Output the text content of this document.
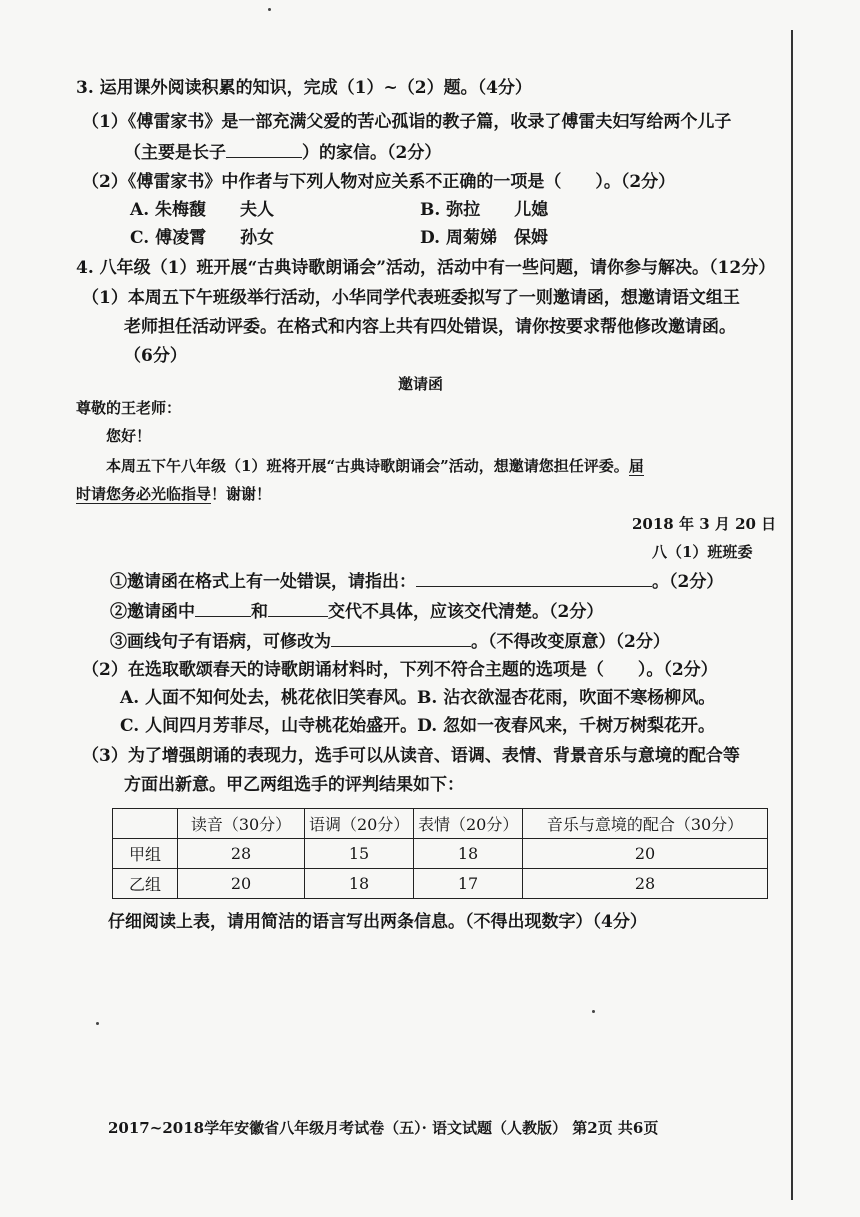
3. 运用课外阅读积累的知识，完成（1）~（2）题。（4分）
（1）《傅雷家书》是一部充满父爱的苦心孤诣的教子篇，收录了傅雷夫妇写给两个儿子
（主要是长子	）的家信。（2分）
（2）《傅雷家书》中作者与下列人物对应关系不正确的一项是（　　）。（2分）
A. 朱梅馥　　夫人	B. 弥拉　　儿媳
C. 傅凌霄　　孙女	D. 周菊娣　保姆
4. 八年级（1）班开展“古典诗歌朗诵会”活动，活动中有一些问题，请你参与解决。（12分）
（1）本周五下午班级举行活动，小华同学代表班委拟写了一则邀请函，想邀请语文组王
老师担任活动评委。在格式和内容上共有四处错误，请你按要求帮他修改邀请函。
（6分）
邀请函
尊敬的王老师：
您好！
本周五下午八年级（1）班将开展“古典诗歌朗诵会”活动，想邀请您担任评委。届
时请您务必光临指导！谢谢！
2018 年 3 月 20 日
八（1）班班委
①邀请函在格式上有一处错误，请指出：	。（2分）
②邀请函中	和	交代不具体，应该交代清楚。（2分）
③画线句子有语病，可修改为	。（不得改变原意）（2分）
（2）在选取歌颂春天的诗歌朗诵材料时，下列不符合主题的选项是（　　）。（2分）
A. 人面不知何处去，桃花依旧笑春风。B. 沾衣欲湿杏花雨，吹面不寒杨柳风。
C. 人间四月芳菲尽，山寺桃花始盛开。D. 忽如一夜春风来，千树万树梨花开。
（3）为了增强朗诵的表现力，选手可以从读音、语调、表情、背景音乐与意境的配合等
方面出新意。甲乙两组选手的评判结果如下：
	读音（30分）	语调（20分）	表情（20分）	音乐与意境的配合（30分）
甲组	28	15	18	20
乙组	20	18	17	28
仔细阅读上表，请用简洁的语言写出两条信息。（不得出现数字）（4分）
2017~2018学年安徽省八年级月考试卷（五）· 语文试题（人教版） 第2页 共6页
